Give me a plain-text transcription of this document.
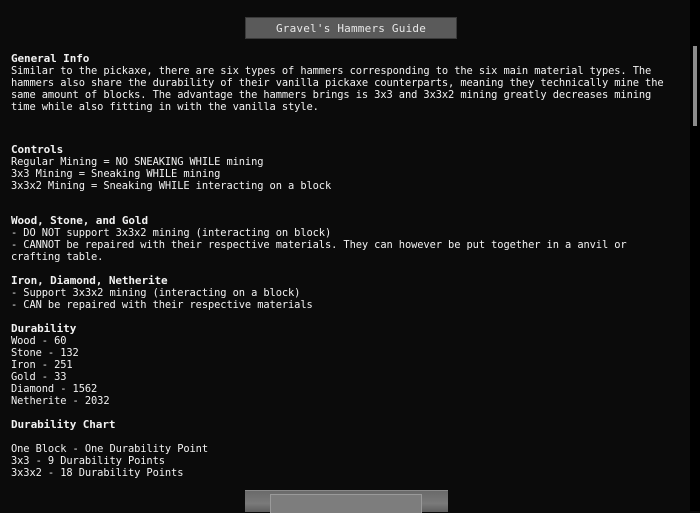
Gravel's Hammers Guide
General Info

Similar to the pickaxe, there are six types of hammers corresponding to the six main material types. The hammers also share the durability of their vanilla pickaxe counterparts, meaning they technically mine the same amount of blocks. The advantage the hammers brings is 3x3 and 3x3x2 mining greatly decreases mining time while also fitting in with the vanilla style.

Controls

Regular Mining = NO SNEAKING WHILE mining

3x3 Mining = Sneaking WHILE mining

3x3x2 Mining = Sneaking WHILE interacting on a block

Wood, Stone, and Gold

- DO NOT support 3x3x2 mining (interacting on block)

- CANNOT be repaired with their respective materials. They can however be put together in a anvil or crafting table.

Iron, Diamond, Netherite

- Support 3x3x2 mining (interacting on a block)

- CAN be repaired with their respective materials

Durability

Wood - 60

Stone - 132

Iron - 251

Gold - 33

Diamond - 1562

Netherite - 2032

Durability Chart

One Block - One Durability Point

3x3 - 9 Durability Points

3x3x2 - 18 Durability Points
